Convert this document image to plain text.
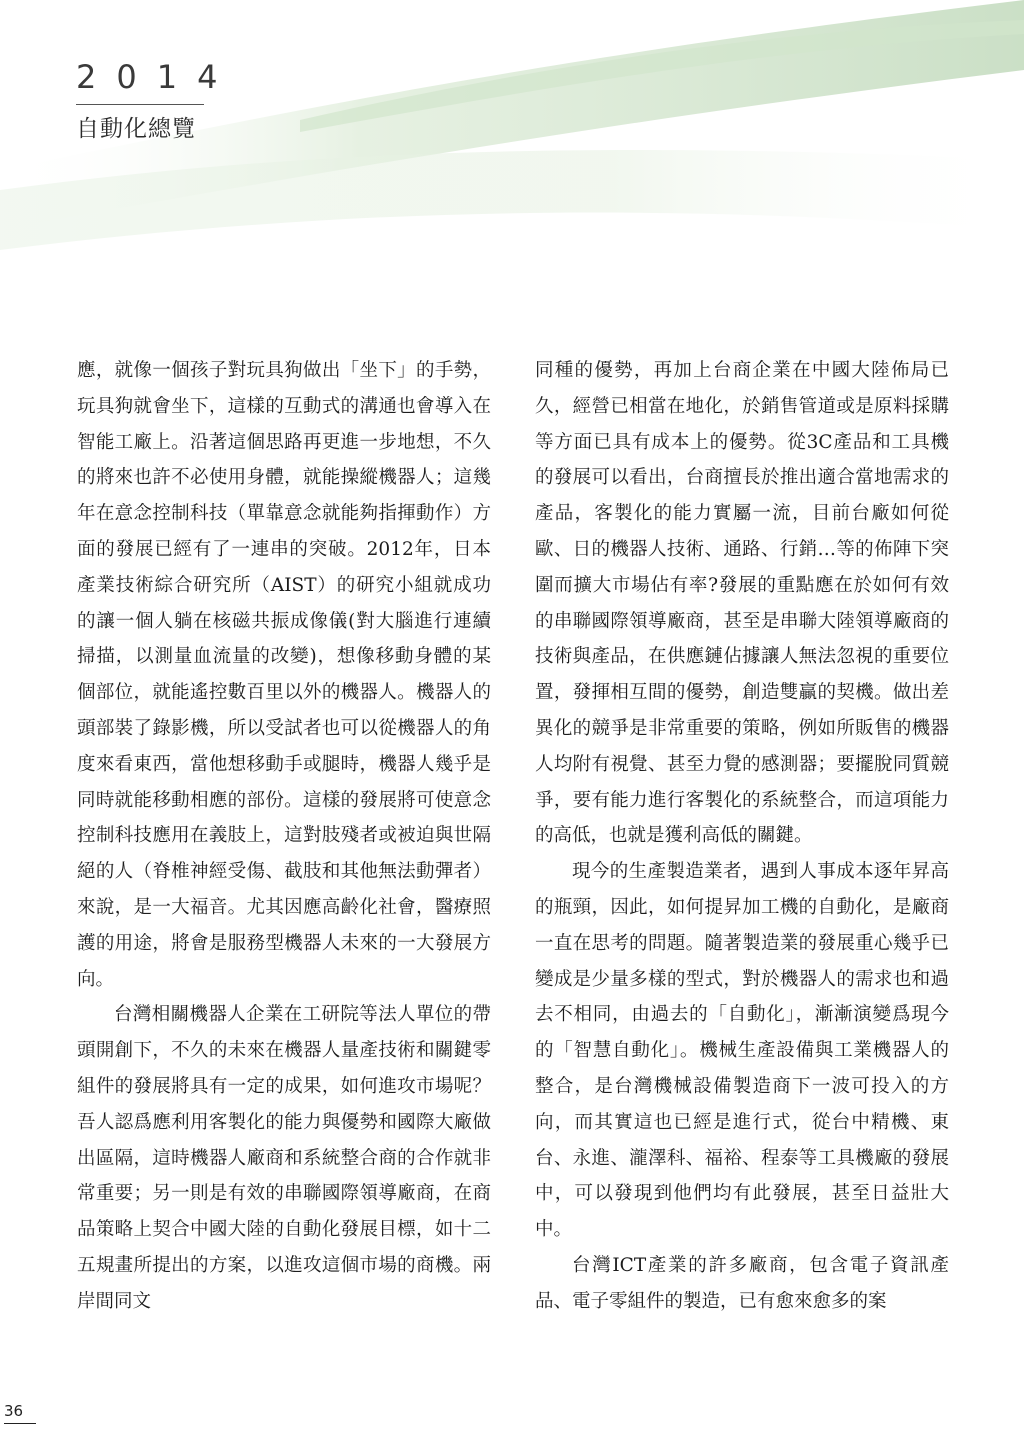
2014
自動化總覽

應，就像一個孩子對玩具狗做出「坐下」的手勢，玩具狗就會坐下，這樣的互動式的溝通也會導入在智能工廠上。沿著這個思路再更進一步地想，不久的將來也許不必使用身體，就能操縱機器人；這幾年在意念控制科技（單靠意念就能夠指揮動作）方面的發展已經有了一連串的突破。2012年，日本產業技術綜合研究所（AIST）的研究小組就成功的讓一個人躺在核磁共振成像儀(對大腦進行連續掃描，以測量血流量的改變)，想像移動身體的某個部位，就能遙控數百里以外的機器人。機器人的頭部裝了錄影機，所以受試者也可以從機器人的角度來看東西，當他想移動手或腿時，機器人幾乎是同時就能移動相應的部份。這樣的發展將可使意念控制科技應用在義肢上，這對肢殘者或被迫與世隔絕的人（脊椎神經受傷、截肢和其他無法動彈者）來說，是一大福音。尤其因應高齡化社會，醫療照護的用途，將會是服務型機器人未來的一大發展方向。

台灣相關機器人企業在工研院等法人單位的帶頭開創下，不久的未來在機器人量產技術和關鍵零組件的發展將具有一定的成果，如何進攻市場呢？吾人認爲應利用客製化的能力與優勢和國際大廠做出區隔，這時機器人廠商和系統整合商的合作就非常重要；另一則是有效的串聯國際領導廠商，在商品策略上契合中國大陸的自動化發展目標，如十二五規畫所提出的方案，以進攻這個市場的商機。兩岸間同文

同種的優勢，再加上台商企業在中國大陸佈局已久，經營已相當在地化，於銷售管道或是原料採購等方面已具有成本上的優勢。從3C產品和工具機的發展可以看出，台商擅長於推出適合當地需求的產品，客製化的能力實屬一流，目前台廠如何從歐、日的機器人技術、通路、行銷…等的佈陣下突圍而擴大市場佔有率?發展的重點應在於如何有效的串聯國際領導廠商，甚至是串聯大陸領導廠商的技術與產品，在供應鏈佔據讓人無法忽視的重要位置，發揮相互間的優勢，創造雙贏的契機。做出差異化的競爭是非常重要的策略，例如所販售的機器人均附有視覺、甚至力覺的感測器；要擺脫同質競爭，要有能力進行客製化的系統整合，而這項能力的高低，也就是獲利高低的關鍵。

現今的生產製造業者，遇到人事成本逐年昇高的瓶頸，因此，如何提昇加工機的自動化，是廠商一直在思考的問題。隨著製造業的發展重心幾乎已變成是少量多樣的型式，對於機器人的需求也和過去不相同，由過去的「自動化」，漸漸演變爲現今的「智慧自動化」。機械生產設備與工業機器人的整合，是台灣機械設備製造商下一波可投入的方向，而其實這也已經是進行式，從台中精機、東台、永進、瀧澤科、福裕、程泰等工具機廠的發展中，可以發現到他們均有此發展，甚至日益壯大中。

台灣ICT產業的許多廠商，包含電子資訊產品、電子零組件的製造，已有愈來愈多的案

36
